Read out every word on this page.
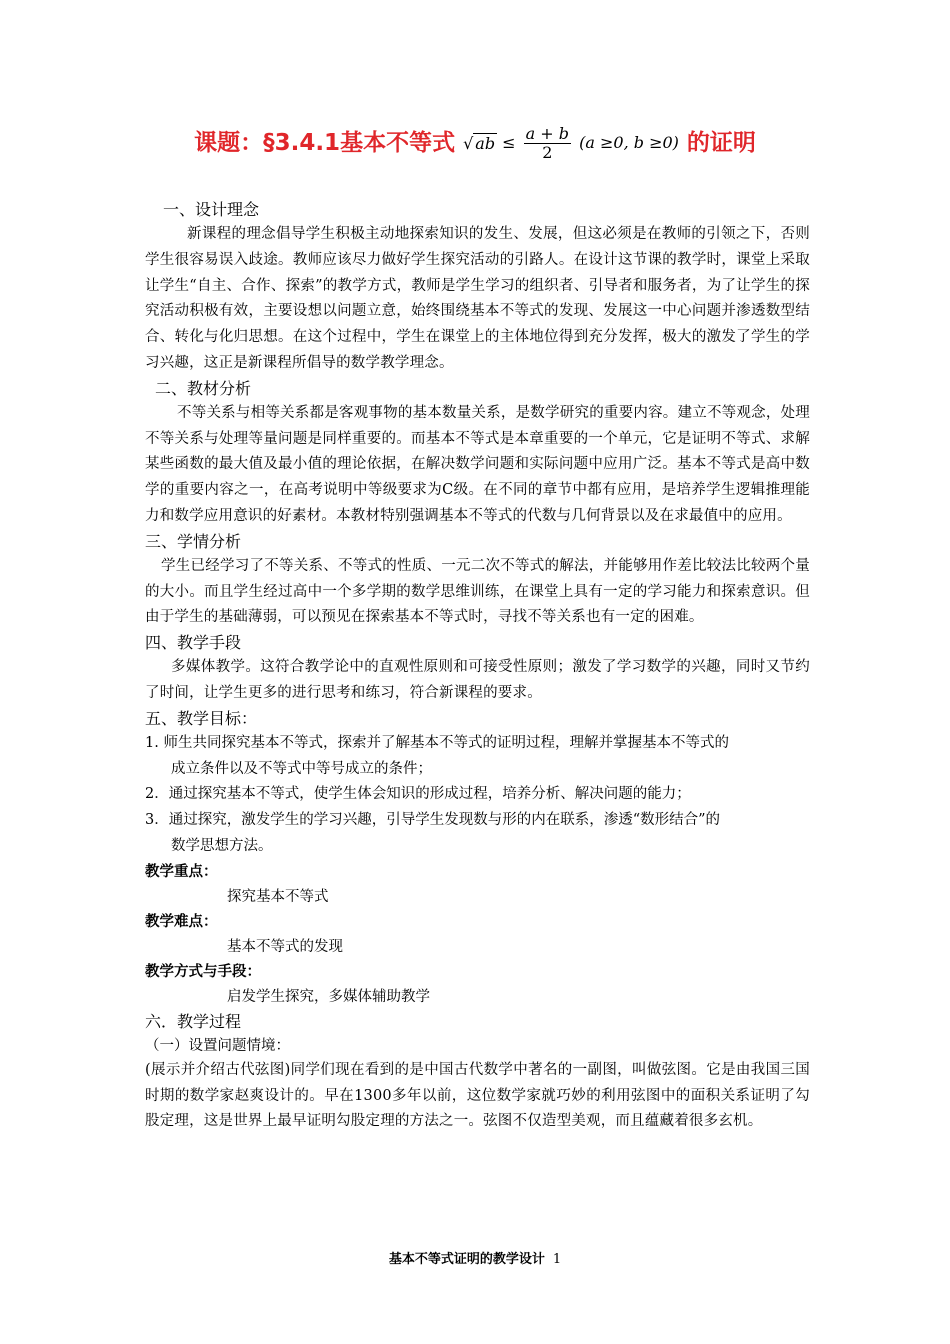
课题：§3.4.1基本不等式 √ ab ≤ $\frac{a + b}{2} (a \ge 0$, b ≥0) 的证明

一、设计理念

新课程的理念倡导学生积极主动地探索知识的发生、发展，但这必须是在教师的引领之下，否则学生很容易误入歧途。教师应该尽力做好学生探究活动的引路人。在设计这节课的教学时，课堂上采取让学生“自主、合作、探索”的教学方式，教师是学生学习的组织者、引导者和服务者，为了让学生的探究活动积极有效，主要设想以问题立意，始终围绕基本不等式的发现、发展这一中心问题并渗透数型结合、转化与化归思想。在这个过程中，学生在课堂上的主体地位得到充分发挥，极大的激发了学生的学习兴趣，这正是新课程所倡导的数学教学理念。

二、教材分析

不等关系与相等关系都是客观事物的基本数量关系，是数学研究的重要内容。建立不等观念，处理不等关系与处理等量问题是同样重要的。而基本不等式是本章重要的一个单元，它是证明不等式、求解某些函数的最大值及最小值的理论依据，在解决数学问题和实际问题中应用广泛。基本不等式是高中数学的重要内容之一，在高考说明中等级要求为C级。在不同的章节中都有应用，是培养学生逻辑推理能力和数学应用意识的好素材。本教材特别强调基本不等式的代数与几何背景以及在求最值中的应用。

三、学情分析

学生已经学习了不等关系、不等式的性质、一元二次不等式的解法，并能够用作差比较法比较两个量的大小。而且学生经过高中一个多学期的数学思维训练，在课堂上具有一定的学习能力和探索意识。但由于学生的基础薄弱，可以预见在探索基本不等式时，寻找不等关系也有一定的困难。

四、教学手段

多媒体教学。这符合教学论中的直观性原则和可接受性原则；激发了学习数学的兴趣，同时又节约了时间，让学生更多的进行思考和练习，符合新课程的要求。

五、教学目标：

1. 师生共同探究基本不等式，探索并了解基本不等式的证明过程，理解并掌握基本不等式的
成立条件以及不等式中等号成立的条件；

2．通过探究基本不等式，使学生体会知识的形成过程，培养分析、解决问题的能力；

3．通过探究，激发学生的学习兴趣，引导学生发现数与形的内在联系，渗透“数形结合”的
数学思想方法。

教学重点：

探究基本不等式

教学难点：

基本不等式的发现

教学方式与手段：

启发学生探究，多媒体辅助教学

六．教学过程

（一）设置问题情境：

(展示并介绍古代弦图)同学们现在看到的是中国古代数学中著名的一副图，叫做弦图。它是由我国三国时期的数学家赵爽设计的。早在1300多年以前，这位数学家就巧妙的利用弦图中的面积关系证明了勾股定理，这是世界上最早证明勾股定理的方法之一。弦图不仅造型美观，而且蕴藏着很多玄机。

基本不等式证明的教学设计 1
